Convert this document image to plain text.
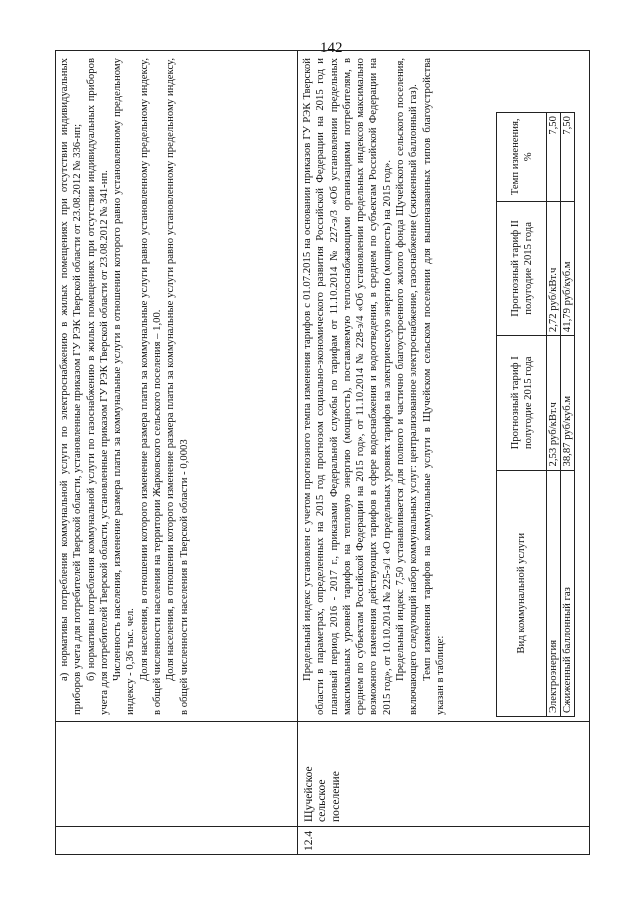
142

а) нормативы потребления коммунальной услуги по электроснабжению в жилых помещениях при отсутствии индивидуальных приборов учета для потребителей Тверской области, установленные приказом ГУ РЭК Тверской области от 23.08.2012 № 336-нп; б) нормативы потребления коммунальной услуги по газоснабжению в жилых помещениях при отсутствии индивидуальных приборов учета для потребителей Тверской области, установленные приказом ГУ РЭК Тверской области от 23.08.2012 № 341-нп. Численность населения, изменение размера платы за коммунальные услуги в отношении которого равно установленному предельному индексу - 0,36 тыс. чел. Доля населения, в отношении которого изменение размера платы за коммунальные услуги равно установленному предельному индексу, в общей численности населения на территории Жарковского сельского поселения – 1,00. Доля населения, в отношении которого изменение размера платы за коммунальные услуги равно установленному предельному индексу, в общей численности населения в Тверской области - 0,0003

12.4
Щучейское сельское поселение

Предельный индекс установлен с учетом прогнозного темпа изменения тарифов с 01.07.2015 на основании приказов ГУ РЭК Тверской области в параметрах, определенных на 2015 год прогнозом социально-экономического развития Российской Федерации на 2015 год и плановый период 2016 - 2017 г., приказами Федеральной службы по тарифам от 11.10.2014 № 227-э/3 «Об установлении предельных максимальных уровней тарифов на тепловую энергию (мощность), поставляемую теплоснабжающими организациями потребителям, в среднем по субъектам Российской Федерации на 2015 год», от 11.10.2014 № 228-э/4 «Об установлении предельных индексов максимально возможного изменения действующих тарифов в сфере водоснабжения и водоотведения, в среднем по субъектам Российской Федерации на 2015 год», от 10.10.2014 № 225-э/1 «О предельных уровнях тарифов на электрическую энергию (мощность) на 2015 год». Предельный индекс 7,50 устанавливается для полного и частично благоустроенного жилого фонда Щучейского сельского поселения, включающего следующий набор коммунальных услуг: централизованное электроснабжение, газоснабжение (сжиженный баллонный газ). Темп изменения тарифов на коммунальные услуги в Щучейском сельском поселении для вышеназванных типов благоустройства указан в таблице:

Вид коммунальной услуги	Прогнозный тариф I полугодие 2015 года	Прогнозный тариф II полугодие 2015 года	Темп изменения, %
Электроэнергия	2,53 руб/кВт.ч	2,72 руб/кВт.ч	7,50
Сжиженный баллонный газ	38,87 руб/куб.м	41,79 руб/куб.м	7,50
